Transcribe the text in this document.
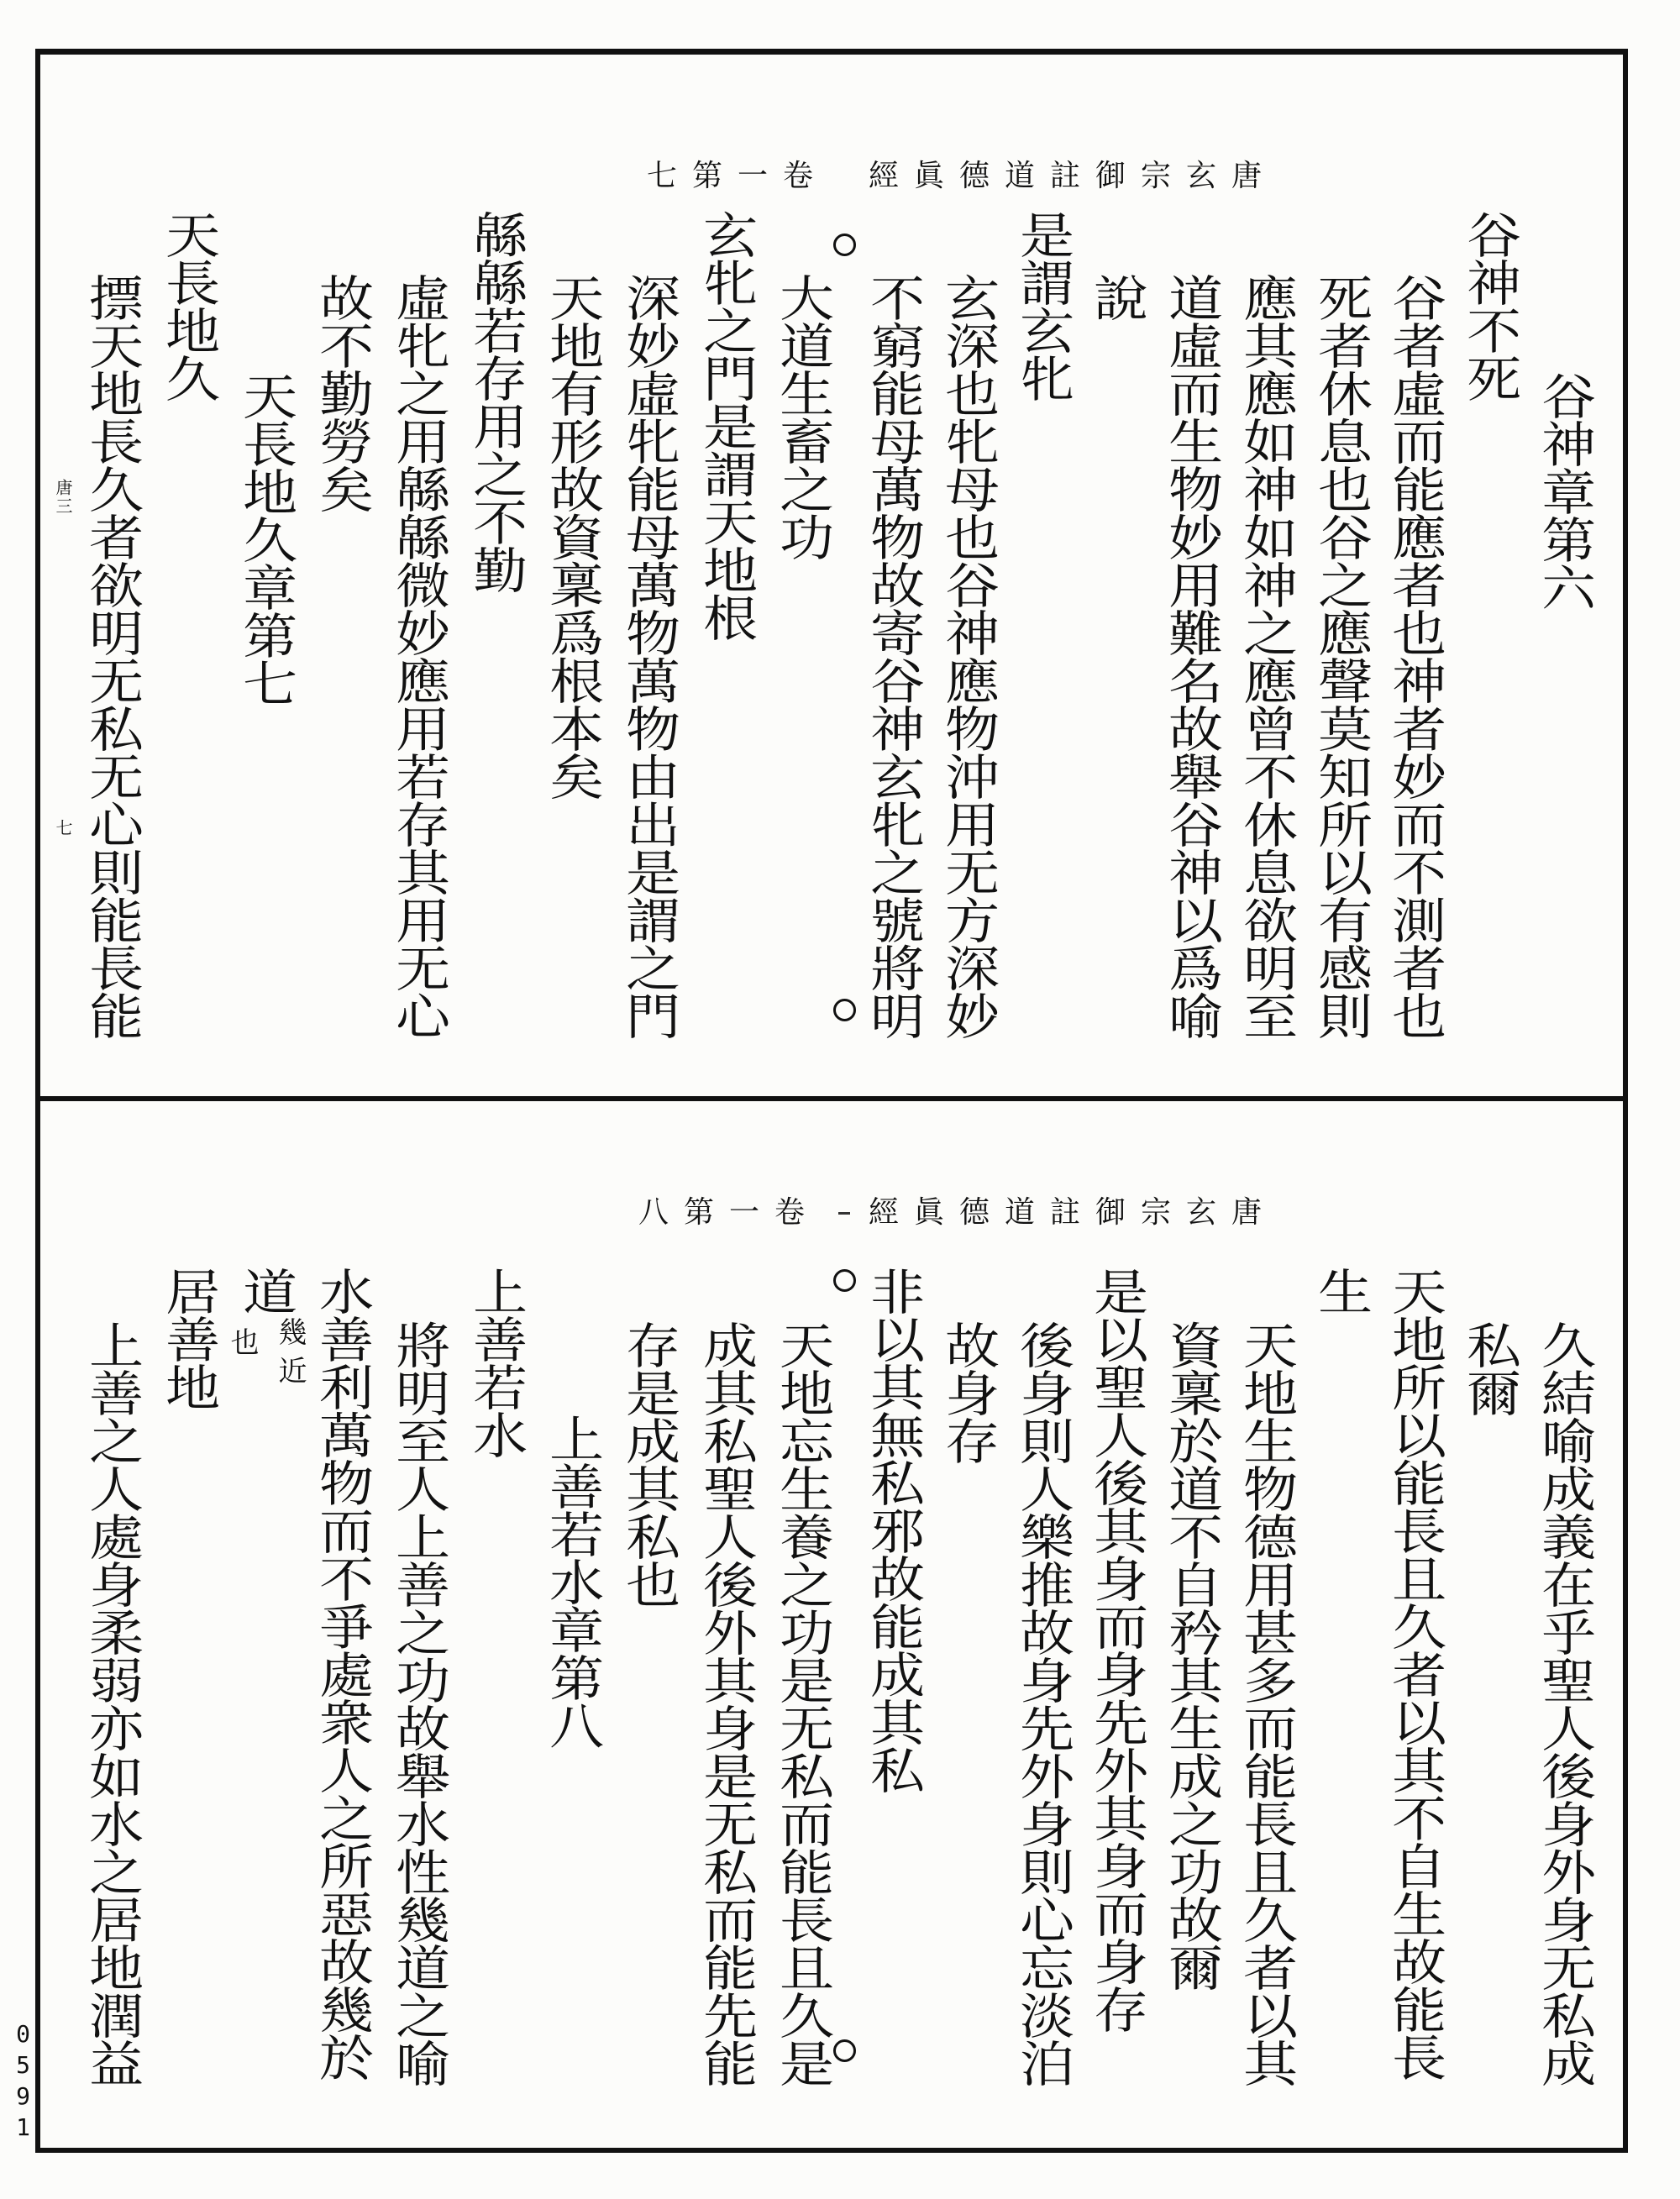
唐玄宗御註道德眞經
卷一第七
唐三
七
谷神章第六
谷神不死
谷者虛而能應者也神者妙而不測者也
死者休息也谷之應聲莫知所以有感則
應其應如神如神之應曾不休息欲明至
道虛而生物妙用難名故舉谷神以爲喻
說
是謂玄牝
玄深也牝母也谷神應物沖用无方深妙
不窮能母萬物故寄谷神玄牝之號將明
大道生畜之功
玄牝之門是謂天地根
深妙虛牝能母萬物萬物由出是謂之門
天地有形故資稟爲根本矣
緜緜若存用之不勤
虛牝之用緜緜微妙應用若存其用无心
故不勤勞矣
天長地久章第七
天長地久
摽天地長久者欲明无私无心則能長能
唐玄宗御註道德眞經
卷一第八
久結喻成義在乎聖人後身外身无私成
私爾
天地所以能長且久者以其不自生故能長
生
天地生物德用甚多而能長且久者以其
資稟於道不自矜其生成之功故爾
是以聖人後其身而身先外其身而身存
後身則人樂推故身先外身則心忘淡泊
故身存
非以其無私邪故能成其私
天地忘生養之功是无私而能長且久是
成其私聖人後外其身是无私而能先能
存是成其私也
上善若水章第八
上善若水
將明至人上善之功故舉水性幾道之喻
水善利萬物而不爭處衆人之所惡故幾於
道
幾近
也
居善地
上善之人處身柔弱亦如水之居地潤益
0591
